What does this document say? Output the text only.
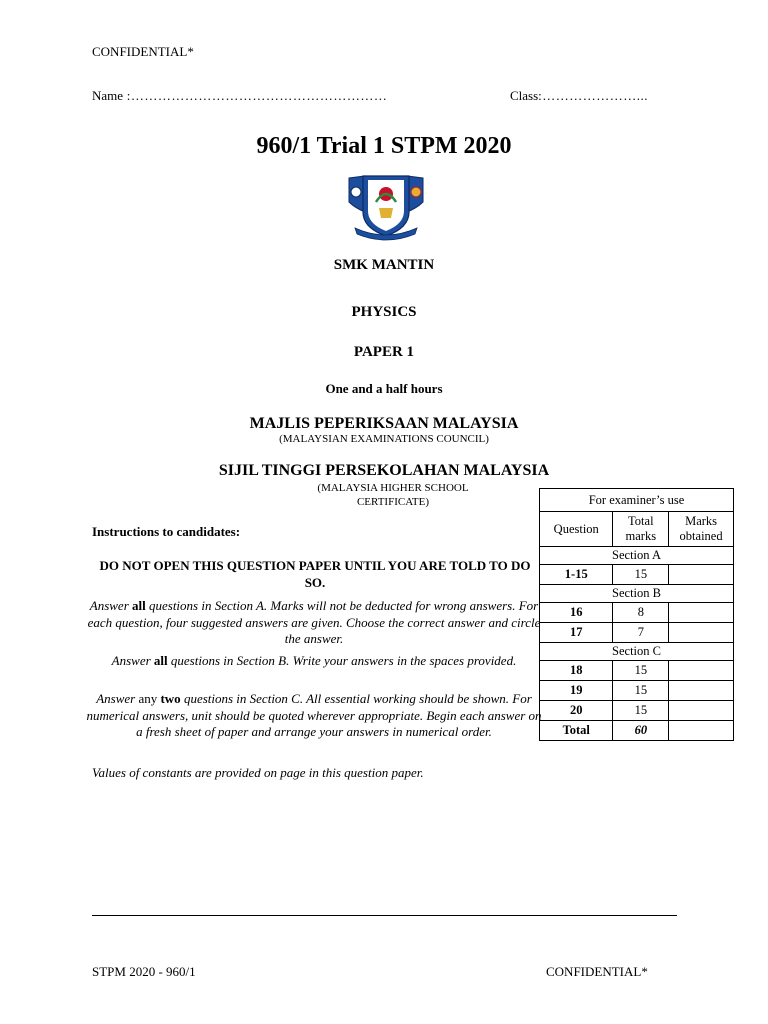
CONFIDENTIAL*
Name :…………………………………………………	Class:…………………...
960/1 Trial 1 STPM 2020
SMK MANTIN
PHYSICS
PAPER 1
One and a half hours
MAJLIS PEPERIKSAAN MALAYSIA
(MALAYSIAN EXAMINATIONS COUNCIL)
SIJIL TINGGI PERSEKOLAHAN MALAYSIA
(MALAYSIA HIGHER SCHOOL
CERTIFICATE)
Instructions to candidates:
DO NOT OPEN THIS QUESTION PAPER UNTIL YOU ARE TOLD TO DO SO.
Answer all questions in Section A. Marks will not be deducted for wrong answers. For each question, four suggested answers are given. Choose the correct answer and circle the answer.
Answer all questions in Section B. Write your answers in the spaces provided.
Answer any two questions in Section C. All essential working should be shown. For numerical answers, unit should be quoted wherever appropriate. Begin each answer on a fresh sheet of paper and arrange your answers in numerical order.
Values of constants are provided on page in this question paper.
For examiner’s use		
Question	Total marks	Marks obtained
Section A		
1-15	15	
Section B		
16	8	
17	7	
Section C		
18	15	
19	15	
20	15	
Total	60	
STPM 2020 - 960/1	CONFIDENTIAL*
